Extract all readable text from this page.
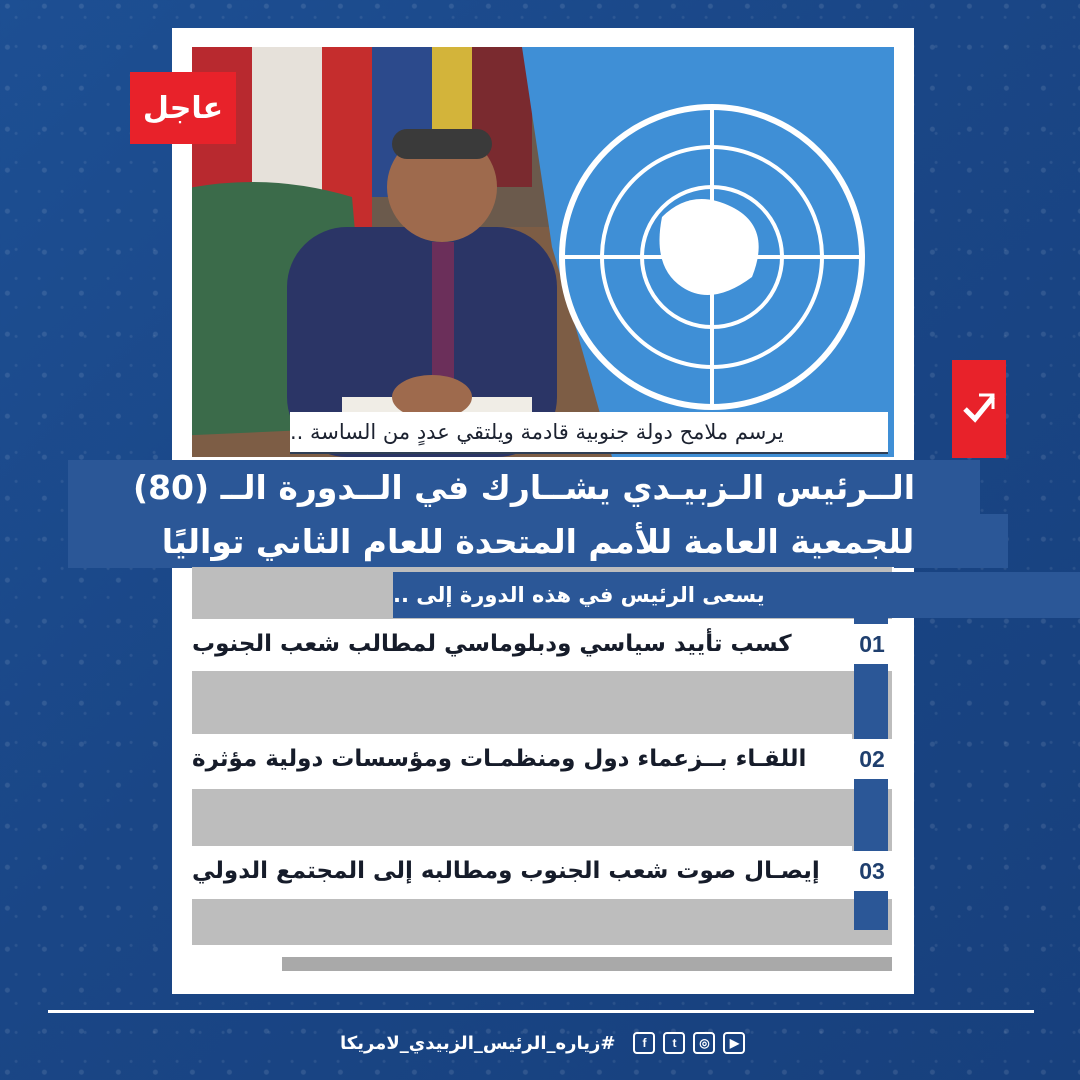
عاجل
يرسم ملامح دولة جنوبية قادمة ويلتقي عددٍ من الساسة ..
الــرئيس الـزبيـدي يشــارك في الــدورة الــ (80)
للجمعية العامة للأمم المتحدة للعام الثاني تواليًا
يسعى الرئيس في هذه الدورة إلى ..
كسب تأييد سياسي ودبلوماسي لمطالب شعب الجنوب	01
اللقـاء بــزعماء دول ومنظمـات ومؤسسات دولية مؤثرة	02
إيصـال صوت شعب الجنوب ومطالبه إلى المجتمع الدولي	03
#زياره_الرئيس_الزبيدي_لامريكا	f	t	◎	▶
